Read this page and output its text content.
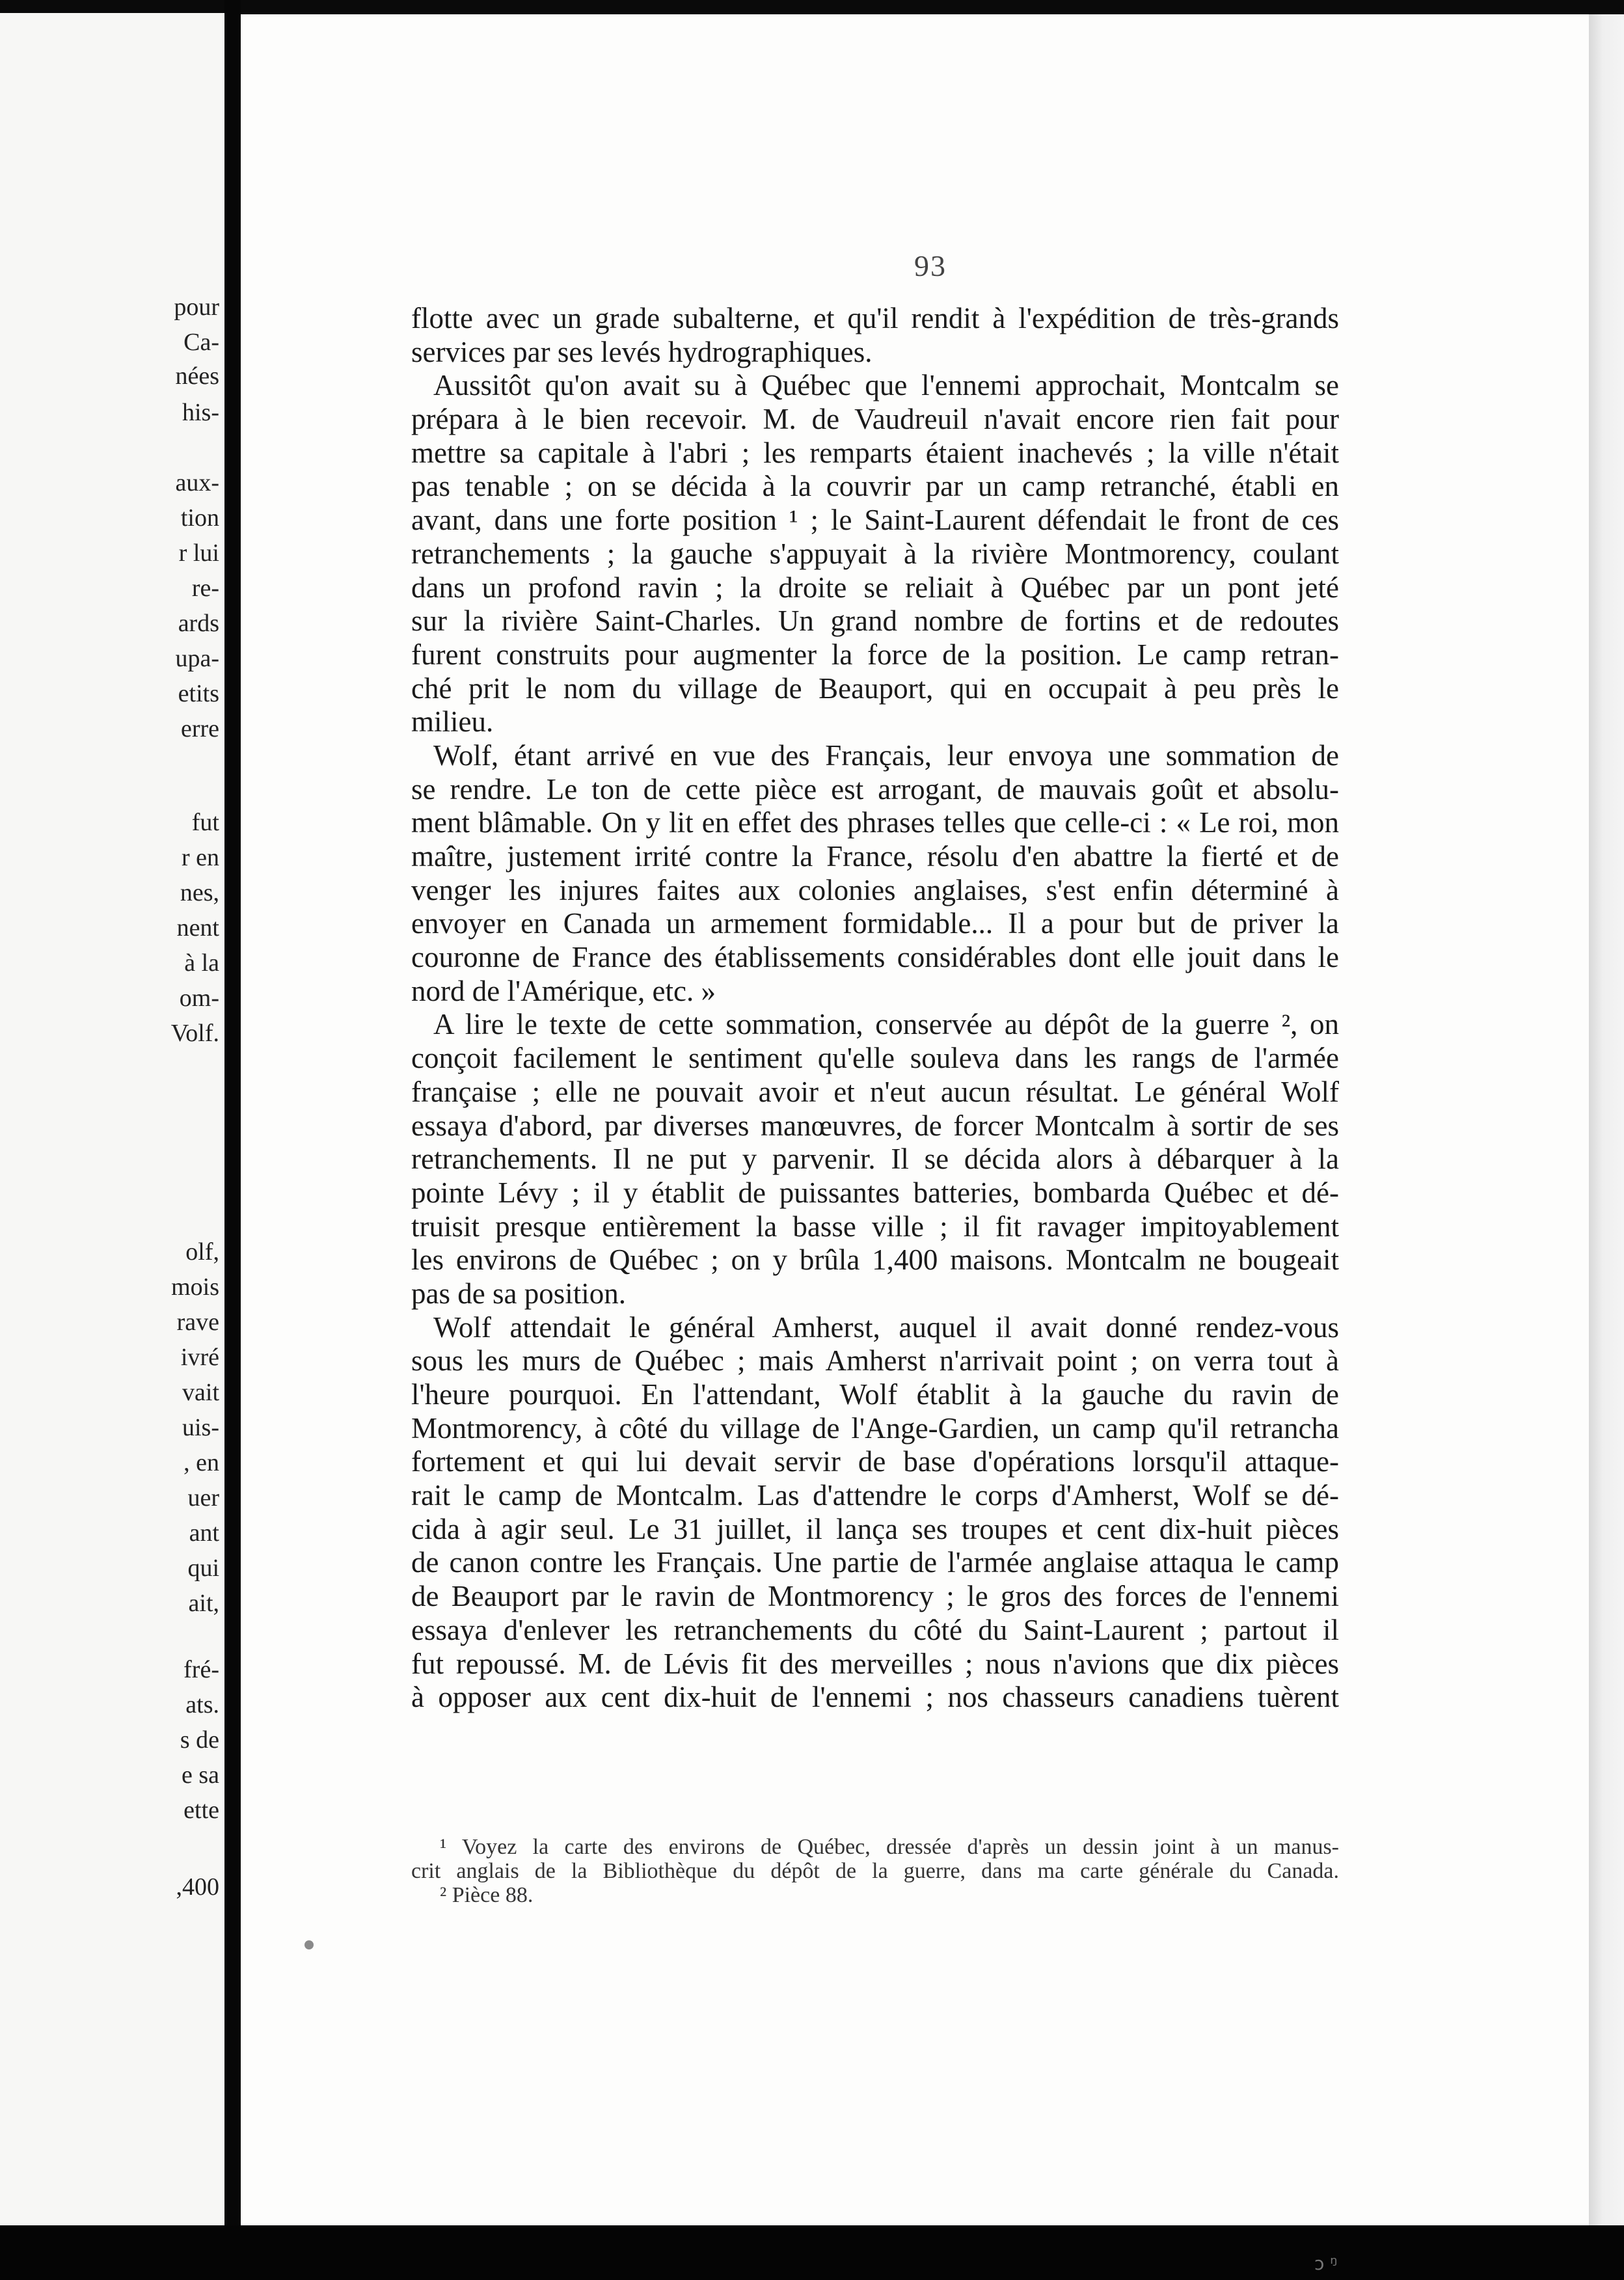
pour
Ca-
nées
his-
aux-
tion
r lui
re-
ards
upa-
etits
erre
fut
r en
nes,
nent
à la
om-
Volf.
olf,
mois
rave
ivré
vait
uis-
, en
uer
ant
qui
ait,
fré-
ats.
s de
e sa
ette
,400
93
flotte avec un grade subalterne, et qu'il rendit à l'expédition de très-grands
services par ses levés hydrographiques.
Aussitôt qu'on avait su à Québec que l'ennemi approchait, Montcalm se
prépara à le bien recevoir. M. de Vaudreuil n'avait encore rien fait pour
mettre sa capitale à l'abri ; les remparts étaient inachevés ; la ville n'était
pas tenable ; on se décida à la couvrir par un camp retranché, établi en
avant, dans une forte position ¹ ; le Saint-Laurent défendait le front de ces
retranchements ; la gauche s'appuyait à la rivière Montmorency, coulant
dans un profond ravin ; la droite se reliait à Québec par un pont jeté
sur la rivière Saint-Charles. Un grand nombre de fortins et de redoutes
furent construits pour augmenter la force de la position. Le camp retran-
ché prit le nom du village de Beauport, qui en occupait à peu près le
milieu.
Wolf, étant arrivé en vue des Français, leur envoya une sommation de
se rendre. Le ton de cette pièce est arrogant, de mauvais goût et absolu-
ment blâmable. On y lit en effet des phrases telles que celle-ci : « Le roi, mon
maître, justement irrité contre la France, résolu d'en abattre la fierté et de
venger les injures faites aux colonies anglaises, s'est enfin déterminé à
envoyer en Canada un armement formidable... Il a pour but de priver la
couronne de France des établissements considérables dont elle jouit dans le
nord de l'Amérique, etc. »
A lire le texte de cette sommation, conservée au dépôt de la guerre ², on
conçoit facilement le sentiment qu'elle souleva dans les rangs de l'armée
française ; elle ne pouvait avoir et n'eut aucun résultat. Le général Wolf
essaya d'abord, par diverses manœuvres, de forcer Montcalm à sortir de ses
retranchements. Il ne put y parvenir. Il se décida alors à débarquer à la
pointe Lévy ; il y établit de puissantes batteries, bombarda Québec et dé-
truisit presque entièrement la basse ville ; il fit ravager impitoyablement
les environs de Québec ; on y brûla 1,400 maisons. Montcalm ne bougeait
pas de sa position.
Wolf attendait le général Amherst, auquel il avait donné rendez-vous
sous les murs de Québec ; mais Amherst n'arrivait point ; on verra tout à
l'heure pourquoi. En l'attendant, Wolf établit à la gauche du ravin de
Montmorency, à côté du village de l'Ange-Gardien, un camp qu'il retrancha
fortement et qui lui devait servir de base d'opérations lorsqu'il attaque-
rait le camp de Montcalm. Las d'attendre le corps d'Amherst, Wolf se dé-
cida à agir seul. Le 31 juillet, il lança ses troupes et cent dix-huit pièces
de canon contre les Français. Une partie de l'armée anglaise attaqua le camp
de Beauport par le ravin de Montmorency ; le gros des forces de l'ennemi
essaya d'enlever les retranchements du côté du Saint-Laurent ; partout il
fut repoussé. M. de Lévis fit des merveilles ; nous n'avions que dix pièces
à opposer aux cent dix-huit de l'ennemi ; nos chasseurs canadiens tuèrent
¹ Voyez la carte des environs de Québec, dressée d'après un dessin joint à un manus-
crit anglais de la Bibliothèque du dépôt de la guerre, dans ma carte générale du Canada.
² Pièce 88.
ɔ ᵑ
